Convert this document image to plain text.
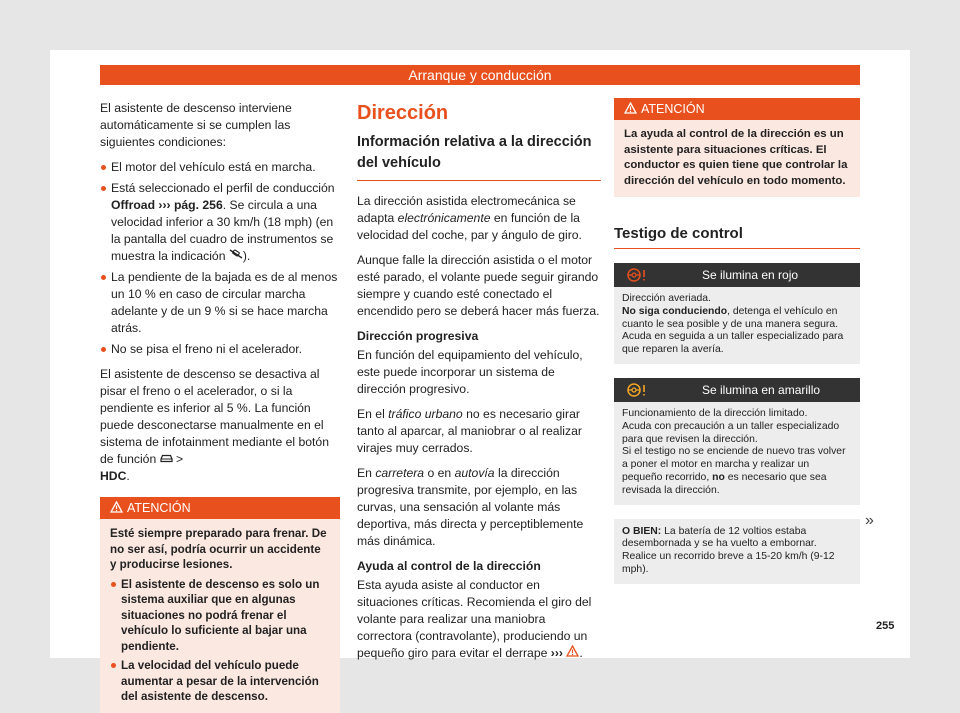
Arranque y conducción

El asistente de descenso interviene automáticamente si se cumplen las siguientes condiciones:

El motor del vehículo está en marcha.
Está seleccionado el perfil de conducción Offroad ››› pág. 256. Se circula a una velocidad inferior a 30 km/h (18 mph) (en la pantalla del cuadro de instrumentos se muestra la indicación ).
La pendiente de la bajada es de al menos un 10 % en caso de circular marcha adelante y de un 9 % si se hace marcha atrás.
No se pisa el freno ni el acelerador.

El asistente de descenso se desactiva al pisar el freno o el acelerador, o si la pendiente es inferior al 5 %. La función puede desconectarse manualmente en el sistema de infotainment mediante el botón de función >
HDC.

ATENCIÓN
Esté siempre preparado para frenar. De no ser así, podría ocurrir un accidente y producirse lesiones.
El asistente de descenso es solo un sistema auxiliar que en algunas situaciones no podrá frenar el vehículo lo suficiente al bajar una pendiente.
La velocidad del vehículo puede aumentar a pesar de la intervención del asistente de descenso.
Dirección
Información relativa a la dirección del vehículo

La dirección asistida electromecánica se adapta electrónicamente en función de la velocidad del coche, par y ángulo de giro.

Aunque falle la dirección asistida o el motor esté parado, el volante puede seguir girando siempre y cuando esté conectado el encendido pero se deberá hacer más fuerza.

Dirección progresiva

En función del equipamiento del vehículo, este puede incorporar un sistema de dirección progresivo.

En el tráfico urbano no es necesario girar tanto al aparcar, al maniobrar o al realizar virajes muy cerrados.

En carretera o en autovía la dirección progresiva transmite, por ejemplo, en las curvas, una sensación al volante más deportiva, más directa y perceptiblemente más dinámica.

Ayuda al control de la dirección

Esta ayuda asiste al conductor en situaciones críticas. Recomienda el giro del volante para realizar una maniobra correctora (contravolante), produciendo un pequeño giro para evitar el derrape ››› .

ATENCIÓN
La ayuda al control de la dirección es un asistente para situaciones críticas. El conductor es quien tiene que controlar la dirección del vehículo en todo momento.
Testigo de control
Se ilumina en rojo
Dirección averiada.
No siga conduciendo, detenga el vehículo en cuanto le sea posible y de una manera segura.
Acuda en seguida a un taller especializado para que reparen la avería.
Se ilumina en amarillo
Funcionamiento de la dirección limitado.
Acuda con precaución a un taller especializado para que revisen la dirección.
Si el testigo no se enciende de nuevo tras volver a poner el motor en marcha y realizar un pequeño recorrido, no es necesario que sea revisada la dirección.
O BIEN: La batería de 12 voltios estaba desembornada y se ha vuelto a embornar.
Realice un recorrido breve a 15-20 km/h (9-12 mph).
»
255
